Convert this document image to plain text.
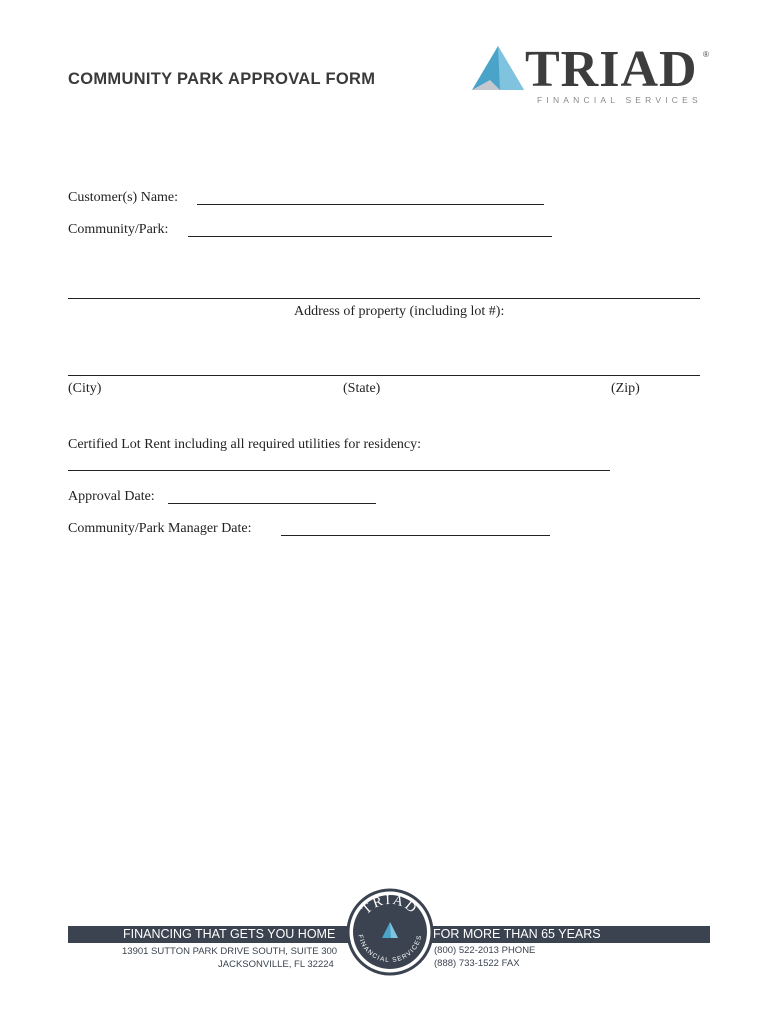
COMMUNITY PARK APPROVAL FORM	TRIAD ®
FINANCIAL SERVICES
Customer(s) Name:
Community/Park:
Address of property (including lot #):
(City)	(State)	(Zip)
Certified Lot Rent including all required utilities for residency:
Approval Date:
Community/Park Manager Date:
FINANCING THAT GETS YOU HOME	FOR MORE THAN 65 YEARS
13901 SUTTON PARK DRIVE SOUTH, SUITE 300
JACKSONVILLE, FL 32224
(800) 522-2013 PHONE
(888) 733-1522 FAX
TRIAD
FINANCIAL SERVICES
